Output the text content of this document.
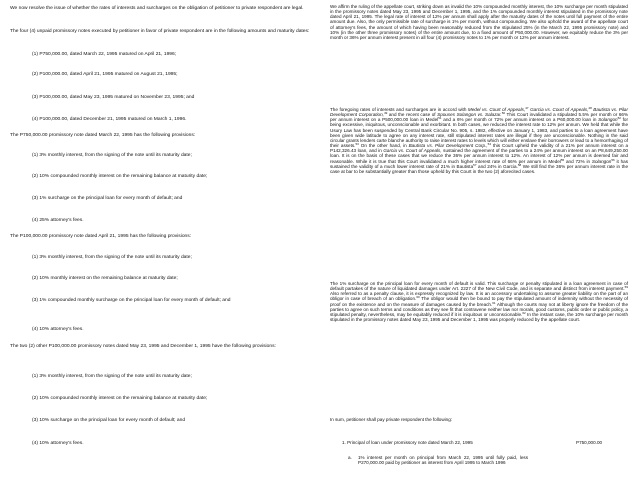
We now resolve the issue of whether the rates of interests and surcharges on the obligation of petitioner to private respondent are legal.

The four (4) unpaid promissory notes executed by petitioner in favor of private respondent are in the following amounts and maturity dates:

(1) P750,000.00, dated March 22, 1995 matured on April 21, 1996;

(2) P100,000.00, dated April 21, 1995 matured on August 21, 1995;

(3) P100,000.00, dated May 23, 1995 matured on November 23, 1995; and

(4) P100,000.00, dated December 21, 1995 matured on March 1, 1996.

The P750,000.00 promissory note dated March 22, 1995 has the following provisions:

(1) 3% monthly interest, from the signing of the note until its maturity date;

(2) 10% compounded monthly interest on the remaining balance at maturity date;

(3) 1% surcharge on the principal loan for every month of default; and

(4) 25% attorney’s fees.

The P100,000.00 promissory note dated April 21, 1995 has the following provisions:

(1) 3% monthly interest, from the signing of the note until its maturity date;

(2) 10% monthly interest on the remaining balance at maturity date;

(3) 1% compounded monthly surcharge on the principal loan for every month of default; and

(4) 10% attorney’s fees.

The two (2) other P100,000.00 promissory notes dated May 23, 1995 and December 1, 1995 have the following provisions:

(1) 3% monthly interest, from the signing of the note until its maturity date;

(2) 10% compounded monthly interest on the remaining balance at maturity date;

(3) 10% surcharge on the principal loan for every month of default; and

(4) 10% attorney’s fees.

We affirm the ruling of the appellate court, striking down as invalid the 10% compounded monthly interest, the 10% surcharge per month stipulated in the promissory notes dated May 23, 1995 and December 1, 1995, and the 1% compounded monthly interest stipulated in the promissory note dated April 21, 1995. The legal rate of interest of 12% per annum shall apply after the maturity dates of the notes until full payment of the entire amount due. Also, the only permissible rate of surcharge is 1% per month, without compounding. We also uphold the award of the appellate court of attorney’s fees, the amount of which having been reasonably reduced from the stipulated 25% (in the March 22, 1995 promissory note) and 10% (in the other three promissory notes) of the entire amount due, to a fixed amount of P50,000.00. However, we equitably reduce the 3% per month or 36% per annum interest present in all four (4) promissory notes to 1% per month or 12% per annum interest.

The foregoing rates of interests and surcharges are in accord with Medel vs. Court of Appeals,$^{47}$ Garcia vs. Court of Appeals,$^{48}$ Bautista vs. Pilar Development Corporation,$^{49}$ and the recent case of Spouses Solangon vs. Salazar.$^{50}$ This Court invalidated a stipulated 5.5% per month or 66% per annum interest on a P500,000.00 loan in Medel$^{51}$ and a 6% per month or 72% per annum interest on a P60,000.00 loan in Solangon$^{52}$ for being excessive, iniquitous, unconscionable and exorbitant. In both cases, we reduced the interest rate to 12% per annum. We held that while the Usury Law has been suspended by Central Bank Circular No. 905, s. 1982, effective on January 1, 1983, and parties to a loan agreement have been given wide latitude to agree on any interest rate, still stipulated interest rates are illegal if they are unconscionable. Nothing in the said circular grants lenders carte blanche authority to raise interest rates to levels which will either enslave their borrowers or lead to a hemorrhaging of their assets.$^{53}$ On the other hand, in Bautista vs. Pilar Development Corp.,$^{54}$ this Court upheld the validity of a 21% per annum interest on a P142,326.43 loan, and in Garcia vs. Court of Appeals, sustained the agreement of the parties to a 24% per annum interest on an P8,649,250.00 loan. It is on the basis of these cases that we reduce the 36% per annum interest to 12%. An interest of 12% per annum is deemed fair and reasonable. While it is true that this Court invalidated a much higher interest rate of 66% per annum in Medel$^{55}$ and 72% in Solangon$^{56}$ it has sustained the validity of a much lower interest rate of 21% in Bautista$^{57}$ and 24% in Garcia.$^{58}$ We still find the 36% per annum interest rate in the case at bar to be substantially greater than those upheld by this Court in the two (2) aforecited cases.

The 1% surcharge on the principal loan for every month of default is valid. This surcharge or penalty stipulated in a loan agreement in case of default partakes of the nature of liquidated damages under Art. 2227 of the New Civil Code, and is separate and distinct from interest payment.$^{59}$ Also referred to as a penalty clause, it is expressly recognized by law. It is an accessory undertaking to assume greater liability on the part of an obligor in case of breach of an obligation.$^{60}$ The obligor would then be bound to pay the stipulated amount of indemnity without the necessity of proof on the existence and on the measure of damages caused by the breach.$^{61}$ Although the courts may not at liberty ignore the freedom of the parties to agree on such terms and conditions as they see fit that contravene neither law nor morals, good customs, public order or public policy, a stipulated penalty, nevertheless, may be equitably reduced if it is iniquitous or unconscionable.$^{62}$ In the instant case, the 10% surcharge per month stipulated in the promissory notes dated May 23, 1995 and December 1, 1995 was properly reduced by the appellate court.

In sum, petitioner shall pay private respondent the following:

1. Principal of loan under promissory note dated March 22, 1995	P750,000.00

a. 1% interest per month on principal from March 22, 1995 until fully paid, less P270,000.00 paid by petitioner as interest from April 1995 to March 1996
